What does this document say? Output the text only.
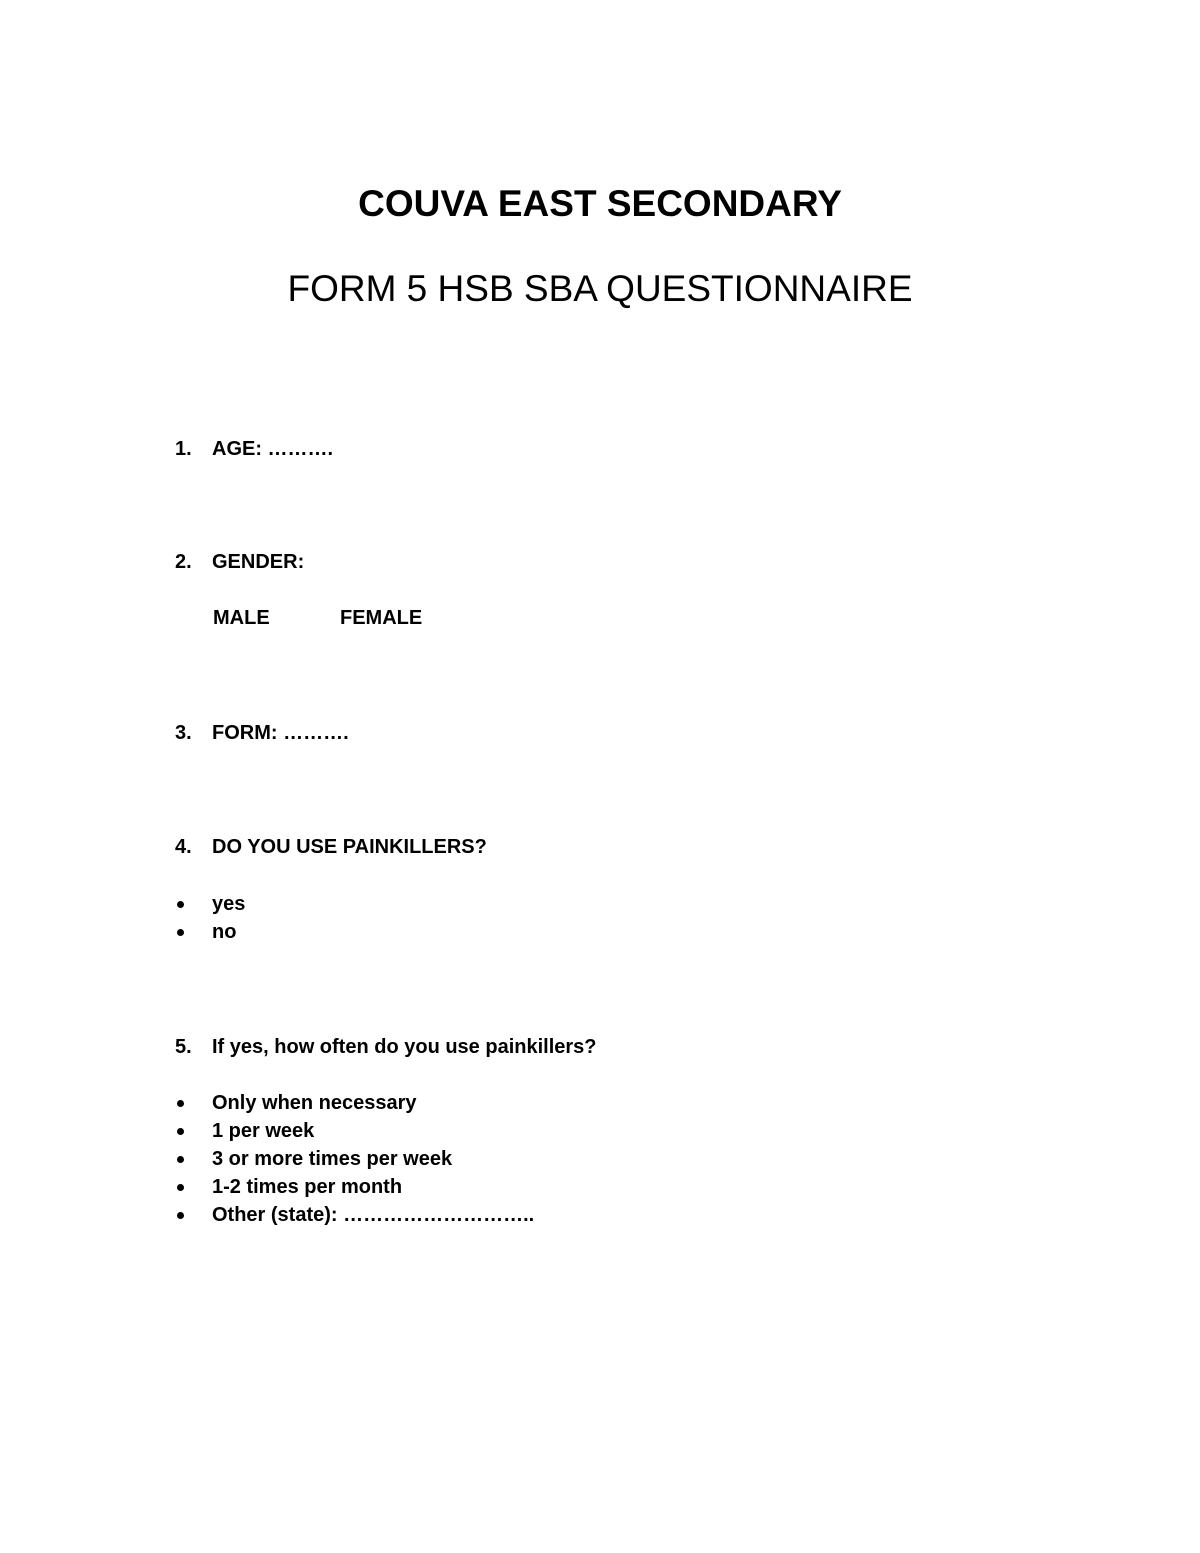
COUVA EAST SECONDARY
FORM 5 HSB SBA QUESTIONNAIRE
1. AGE: ……….
2. GENDER:
MALE	FEMALE
3. FORM: ……….
4. DO YOU USE PAINKILLERS?
yes
no
5. If yes, how often do you use painkillers?
Only when necessary
1 per week
3 or more times per week
1-2 times per month
Other (state): ………………………..
